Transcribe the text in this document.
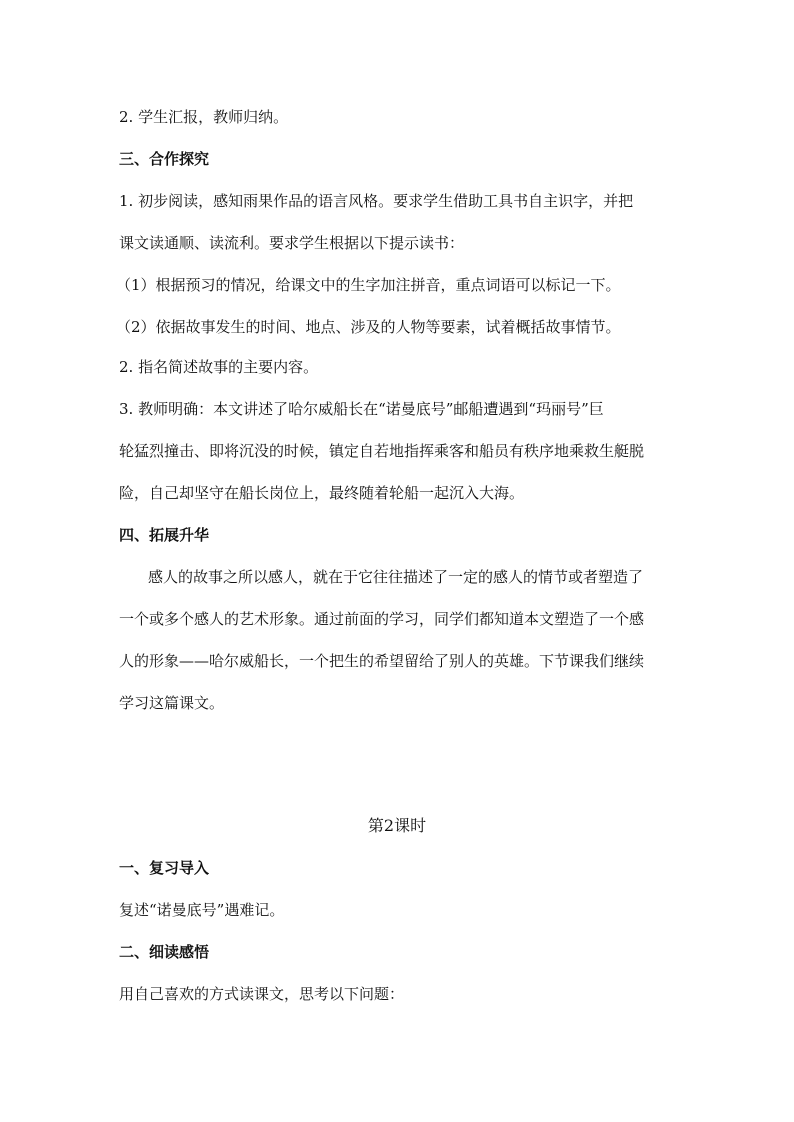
2. 学生汇报，教师归纳。
三、合作探究
1. 初步阅读，感知雨果作品的语言风格。要求学生借助工具书自主识字，并把
课文读通顺、读流利。要求学生根据以下提示读书：
（1）根据预习的情况，给课文中的生字加注拼音，重点词语可以标记一下。
（2）依据故事发生的时间、地点、涉及的人物等要素，试着概括故事情节。
2. 指名简述故事的主要内容。
3. 教师明确：本文讲述了哈尔威船长在“诺曼底号”邮船遭遇到“玛丽号”巨
轮猛烈撞击、即将沉没的时候，镇定自若地指挥乘客和船员有秩序地乘救生艇脱
险，自己却坚守在船长岗位上，最终随着轮船一起沉入大海。
四、拓展升华
感人的故事之所以感人，就在于它往往描述了一定的感人的情节或者塑造了
一个或多个感人的艺术形象。通过前面的学习，同学们都知道本文塑造了一个感
人的形象——哈尔威船长，一个把生的希望留给了别人的英雄。下节课我们继续
学习这篇课文。
第2课时
一、复习导入
复述“诺曼底号”遇难记。
二、细读感悟
用自己喜欢的方式读课文，思考以下问题：
